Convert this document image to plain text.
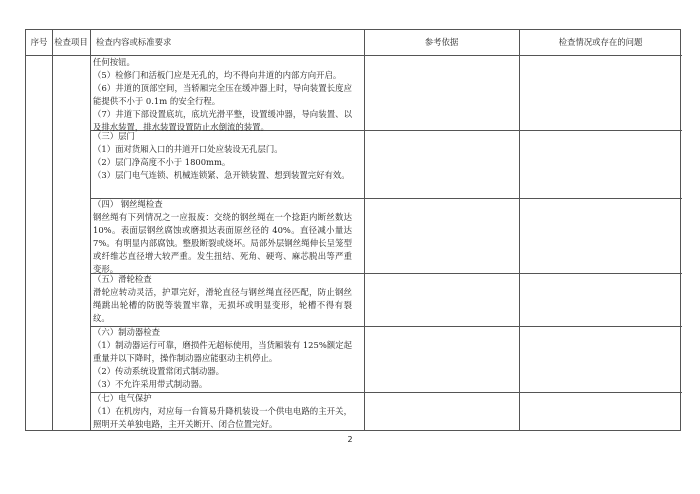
序号 检查项目 检查内容或标准要求	参考依据	检查情况或存在的问题
任何按钮。
（5）检修门和活板门应是无孔的，均不得向井道的内部方向开启。
（6）井道的顶部空间，当轿厢完全压在缓冲器上时，导向装置长度应能提供不小于 0.1m 的安全行程。
（7）井道下部设置底坑，底坑光滑平整，设置缓冲器，导向装置、以及排水装置，排水装置设置防止水倒流的装置。
（三）层门
（1）面对货厢入口的井道开口处应装设无孔层门。
（2）层门净高度不小于 1800mm。
（3）层门电气连锁、机械连锁紧、急开锁装置、想到装置完好有效。
（四） 钢丝绳检查
钢丝绳有下列情况之一应报废：交绕的钢丝绳在一个捻距内断丝数达 10%。表面层钢丝腐蚀或磨损达表面原丝径的 40%。直径减小量达 7%。有明显内部腐蚀。整股断裂或烧坏。局部外层钢丝绳伸长呈笼型或纤维芯直径增大较严重。发生扭结、死角、硬弯、麻芯脱出等严重变形。
（五）滑轮检查
滑轮应转动灵活，护罩完好，滑轮直径与钢丝绳直径匹配，防止钢丝绳跳出轮槽的防脱等装置牢靠，无损坏或明显变形，轮槽不得有裂纹。
（六）制动器检查
（1）制动器运行可靠，磨损件无超标使用，当货厢装有 125%额定起重量并以下降时，操作制动器应能驱动主机停止。
（2）传动系统设置常闭式制动器。
（3）不允许采用带式制动器。
（七）电气保护
（1）在机房内，对应每一台简易升降机装设一个供电电路的主开关，照明开关单独电路，主开关断开、闭合位置完好。
2
